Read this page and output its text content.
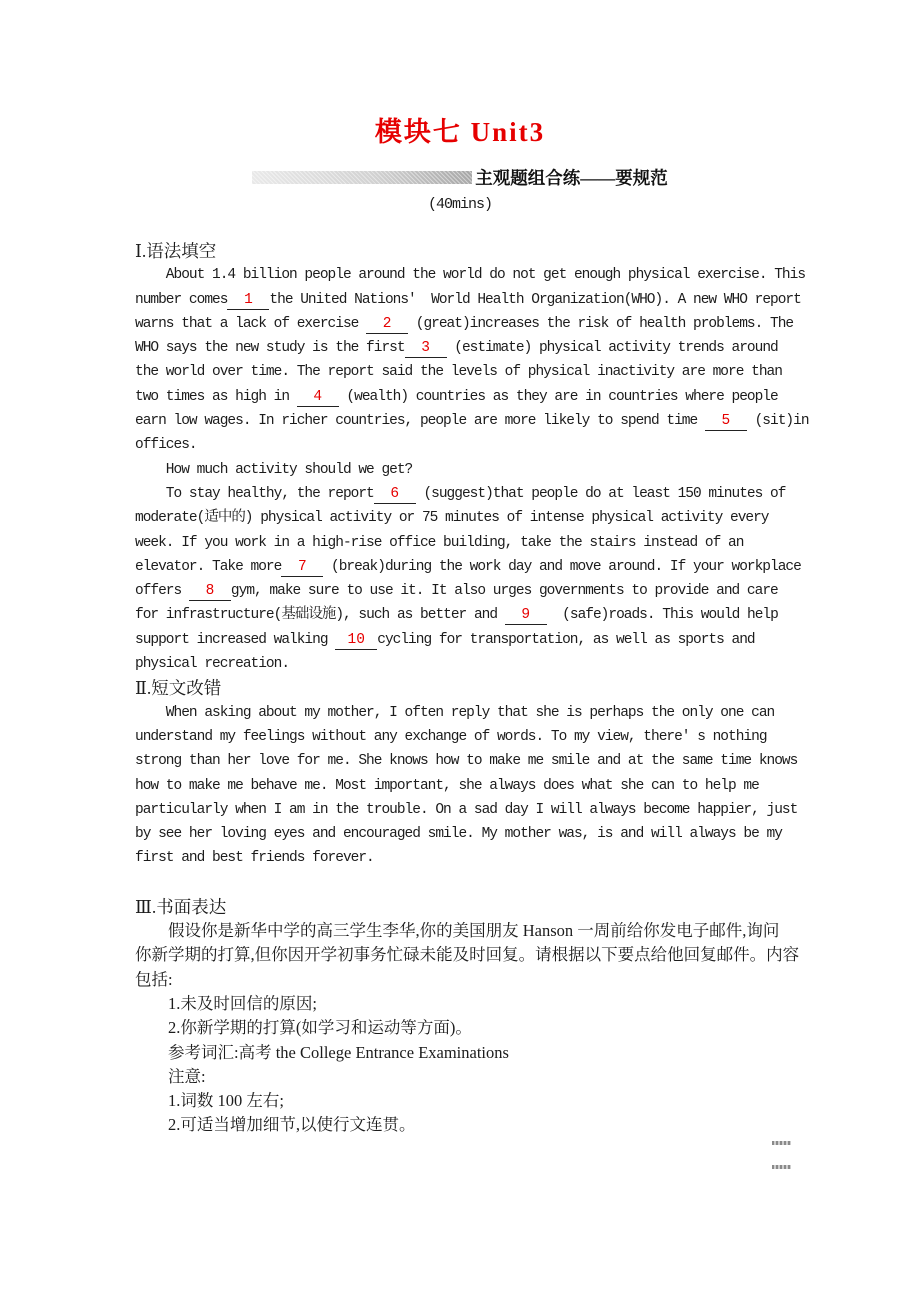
模块七 Unit3
主观题组合练——要规范
(40mins)
Ⅰ.语法填空
About 1.4 billion people around the world do not get enough physical exercise. This
number comes 1 the United Nations'  World Health Organization(WHO). A new WHO report
warns that a lack of exercise 2 (great)increases the risk of health problems. The
WHO says the new study is the first 3 (estimate) physical activity trends around
the world over time. The report said the levels of physical inactivity are more than
two times as high in 4 (wealth) countries as they are in countries where people
earn low wages. In richer countries, people are more likely to spend time 5 (sit)in
offices.
How much activity should we get?
To stay healthy, the report 6 (suggest)that people do at least 150 minutes of
moderate(适中的) physical activity or 75 minutes of intense physical activity every
week. If you work in a high-rise office building, take the stairs instead of an
elevator. Take more 7 (break)during the work day and move around. If your workplace
offers 8 gym, make sure to use it. It also urges governments to provide and care
for infrastructure(基础设施), such as better and 9  (safe)roads. This would help
support increased walking 10 cycling for transportation, as well as sports and
physical recreation.
Ⅱ.短文改错
When asking about my mother, I often reply that she is perhaps the only one can
understand my feelings without any exchange of words. To my view, there' s nothing
strong than her love for me. She knows how to make me smile and at the same time knows
how to make me behave me. Most important, she always does what she can to help me
particularly when I am in the trouble. On a sad day I will always become happier, just
by see her loving eyes and encouraged smile. My mother was, is and will always be my
first and best friends forever.
Ⅲ.书面表达
　　假设你是新华中学的高三学生李华,你的美国朋友 Hanson 一周前给你发电子邮件,询问
你新学期的打算,但你因开学初事务忙碌未能及时回复。请根据以下要点给他回复邮件。内容
包括:
　　1.未及时回信的原因;
　　2.你新学期的打算(如学习和运动等方面)。
　　参考词汇:高考 the College Entrance Examinations
　　注意:
　　1.词数 100 左右;
　　2.可适当增加细节,以使行文连贯。
